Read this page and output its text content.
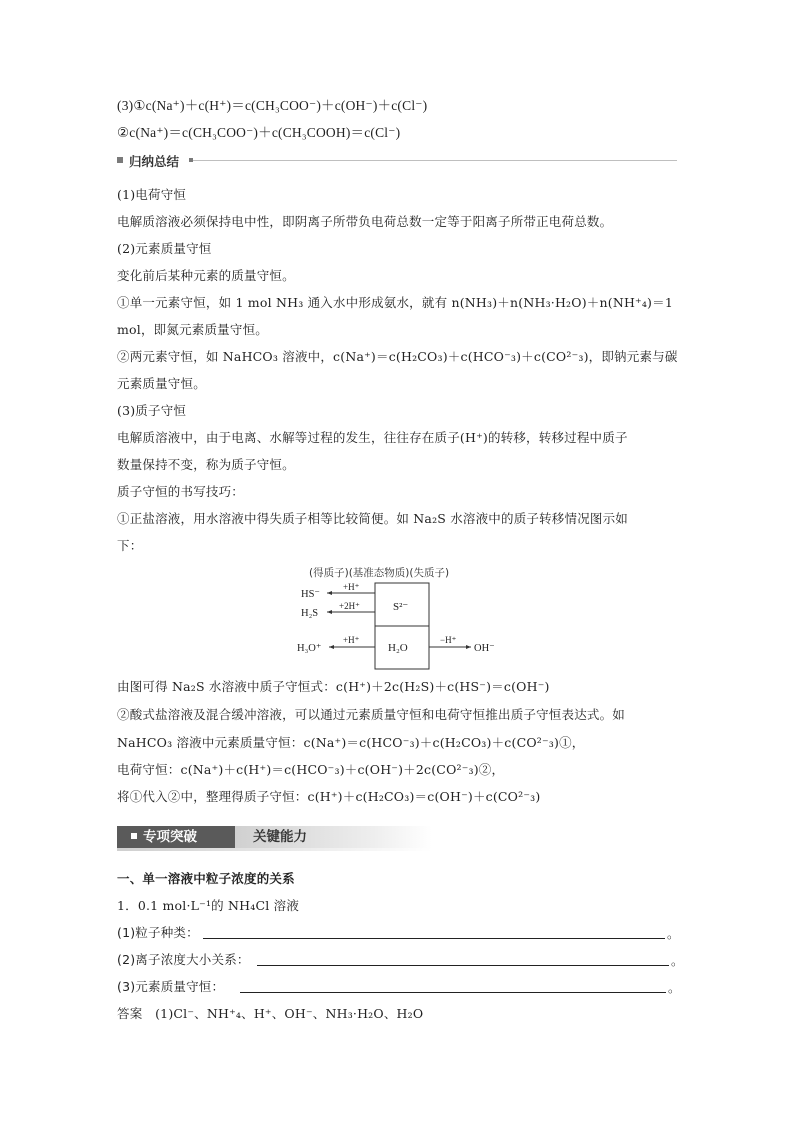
(3)①c(Na⁺)＋c(H⁺)＝c(CH₃COO⁻)＋c(OH⁻)＋c(Cl⁻)
②c(Na⁺)＝c(CH₃COO⁻)＋c(CH₃COOH)＝c(Cl⁻)
归纳总结
(1)电荷守恒
电解质溶液必须保持电中性，即阴离子所带负电荷总数一定等于阳离子所带正电荷总数。
(2)元素质量守恒
变化前后某种元素的质量守恒。
①单一元素守恒，如 1 mol NH₃ 通入水中形成氨水，就有 n(NH₃)＋n(NH₃·H₂O)＋n(NH⁺₄)＝1
mol，即氮元素质量守恒。
②两元素守恒，如 NaHCO₃ 溶液中，c(Na⁺)＝c(H₂CO₃)＋c(HCO⁻₃)＋c(CO²⁻₃)，即钠元素与碳
元素质量守恒。
(3)质子守恒
电解质溶液中，由于电离、水解等过程的发生，往往存在质子(H⁺)的转移，转移过程中质子
数量保持不变，称为质子守恒。
质子守恒的书写技巧：
①正盐溶液，用水溶液中得失质子相等比较简便。如 Na₂S 水溶液中的质子转移情况图示如
下：
(得质子)(基准态物质)(失质子)
S²⁻
H₂O
HS⁻
H₂S
H₃O⁺
+H⁺
+2H⁺
+H⁺	−H⁺
OH⁻
由图可得 Na₂S 水溶液中质子守恒式：c(H⁺)＋2c(H₂S)＋c(HS⁻)＝c(OH⁻)
②酸式盐溶液及混合缓冲溶液，可以通过元素质量守恒和电荷守恒推出质子守恒表达式。如
NaHCO₃ 溶液中元素质量守恒：c(Na⁺)＝c(HCO⁻₃)＋c(H₂CO₃)＋c(CO²⁻₃)①，
电荷守恒：c(Na⁺)＋c(H⁺)＝c(HCO⁻₃)＋c(OH⁻)＋2c(CO²⁻₃)②，
将①代入②中，整理得质子守恒：c(H⁺)＋c(H₂CO₃)＝c(OH⁻)＋c(CO²⁻₃)
专项突破	关键能力
一、单一溶液中粒子浓度的关系
1．0.1 mol·L⁻¹的 NH₄Cl 溶液
(1)粒子种类：	。
(2)离子浓度大小关系：	。
(3)元素质量守恒：	。
答案　(1)Cl⁻、NH⁺₄、H⁺、OH⁻、NH₃·H₂O、H₂O
